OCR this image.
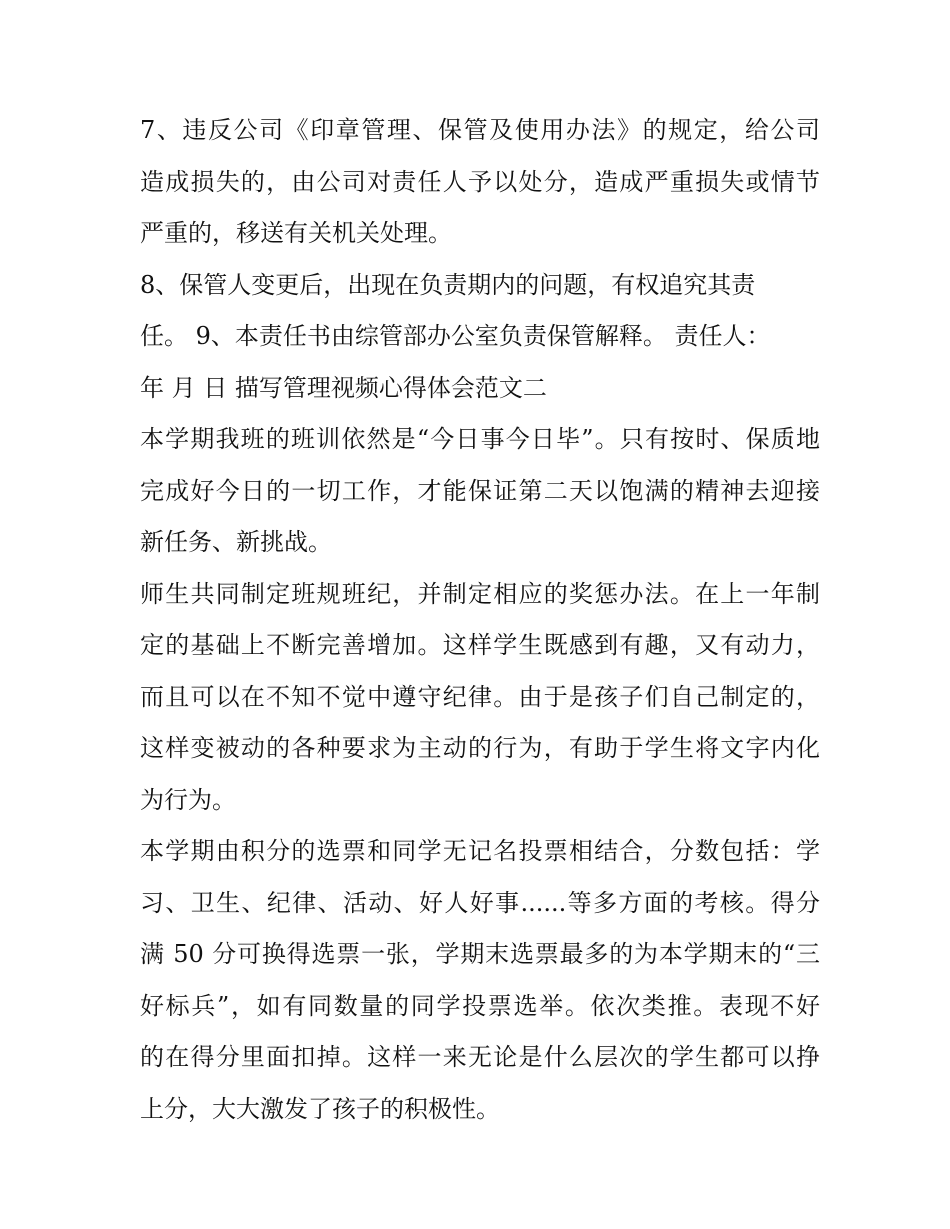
7、违反公司《印章管理、保管及使用办法》的规定，给公司
造成损失的，由公司对责任人予以处分，造成严重损失或情节
严重的，移送有关机关处理。
8、保管人变更后，出现在负责期内的问题，有权追究其责
任。 9、本责任书由综管部办公室负责保管解释。 责任人：
年 月 日 描写管理视频心得体会范文二
本学期我班的班训依然是“今日事今日毕”。只有按时、保质地
完成好今日的一切工作，才能保证第二天以饱满的精神去迎接
新任务、新挑战。
师生共同制定班规班纪，并制定相应的奖惩办法。在上一年制
定的基础上不断完善增加。这样学生既感到有趣，又有动力，
而且可以在不知不觉中遵守纪律。由于是孩子们自己制定的，
这样变被动的各种要求为主动的行为，有助于学生将文字内化
为行为。
本学期由积分的选票和同学无记名投票相结合，分数包括：学
习、卫生、纪律、活动、好人好事......等多方面的考核。得分
满 50 分可换得选票一张，学期末选票最多的为本学期末的“三
好标兵”，如有同数量的同学投票选举。依次类推。表现不好
的在得分里面扣掉。这样一来无论是什么层次的学生都可以挣
上分，大大激发了孩子的积极性。
